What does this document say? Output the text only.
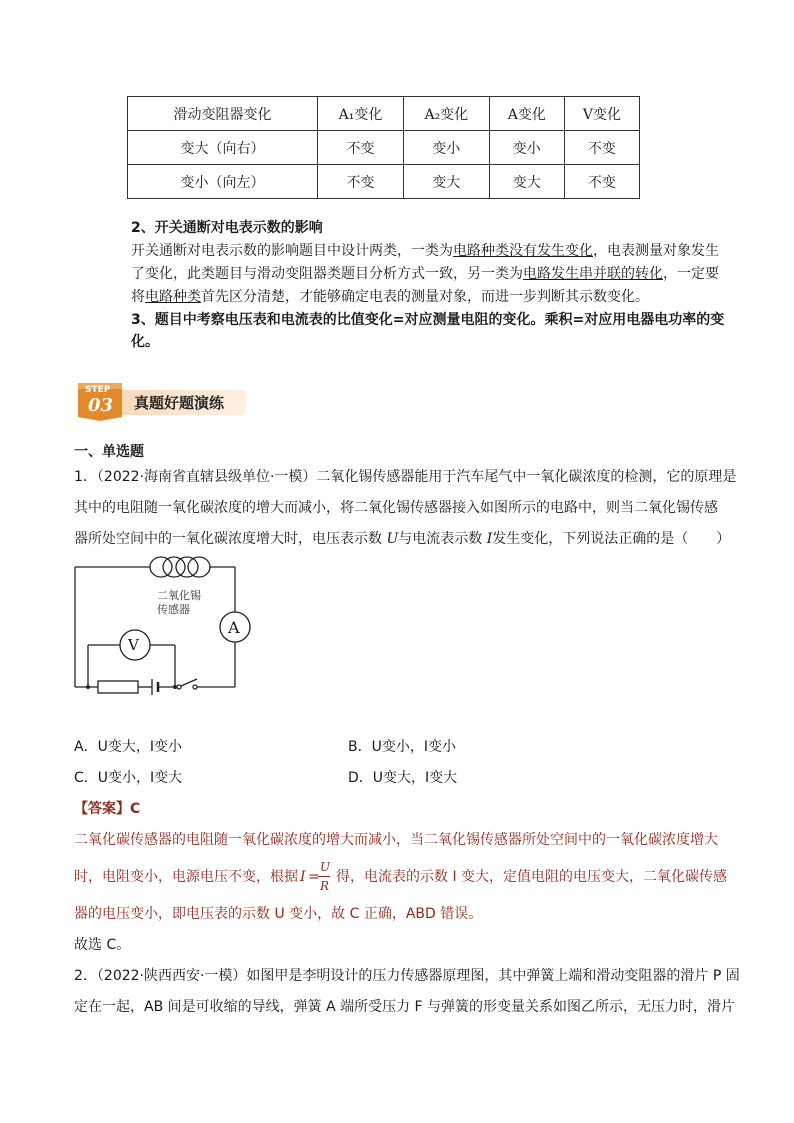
滑动变阻器变化	A₁变化	A₂变化	A变化	V变化
变大（向右）	不变	变小	变小	不变
变小（向左）	不变	变大	变大	不变
2、开关通断对电表示数的影响
开关通断对电表示数的影响题目中设计两类，一类为电路种类没有发生变化，电表测量对象发生
了变化，此类题目与滑动变阻器类题目分析方式一致，另一类为电路发生串并联的转化，一定要
将电路种类首先区分清楚，才能够确定电表的测量对象，而进一步判断其示数变化。
3、题目中考察电压表和电流表的比值变化=对应测量电阻的变化。乘积=对应用电器电功率的变
化。
STEP
03 真题好题演练
一、单选题
1．（2022·海南省直辖县级单位·一模）二氧化锡传感器能用于汽车尾气中一氧化碳浓度的检测，它的原理是
其中的电阻随一氧化碳浓度的增大而减小，将二氧化锡传感器接入如图所示的电路中，则当二氧化锡传感
器所处空间中的一氧化碳浓度增大时，电压表示数 U与电流表示数 I发生变化，下列说法正确的是（　　）
二氧化锡
传感器
V
A
A．U变大，I变小	B．U变小，I变小
C．U变小，I变大	D．U变大，I变大
【答案】C
二氧化碳传感器的电阻随一氧化碳浓度的增大而减小，当二氧化锡传感器所处空间中的一氧化碳浓度增大
时，电阻变小，电源电压不变，根据 I =
U
R
得，电流表的示数 I 变大，定值电阻的电压变大，二氧化碳传感
器的电压变小，即电压表的示数 U 变小，故 C 正确，ABD 错误。
故选 C。
2．（2022·陕西西安·一模）如图甲是李明设计的压力传感器原理图，其中弹簧上端和滑动变阻器的滑片 P 固
定在一起，AB 间是可收缩的导线，弹簧 A 端所受压力 F 与弹簧的形变量关系如图乙所示，无压力时，滑片
